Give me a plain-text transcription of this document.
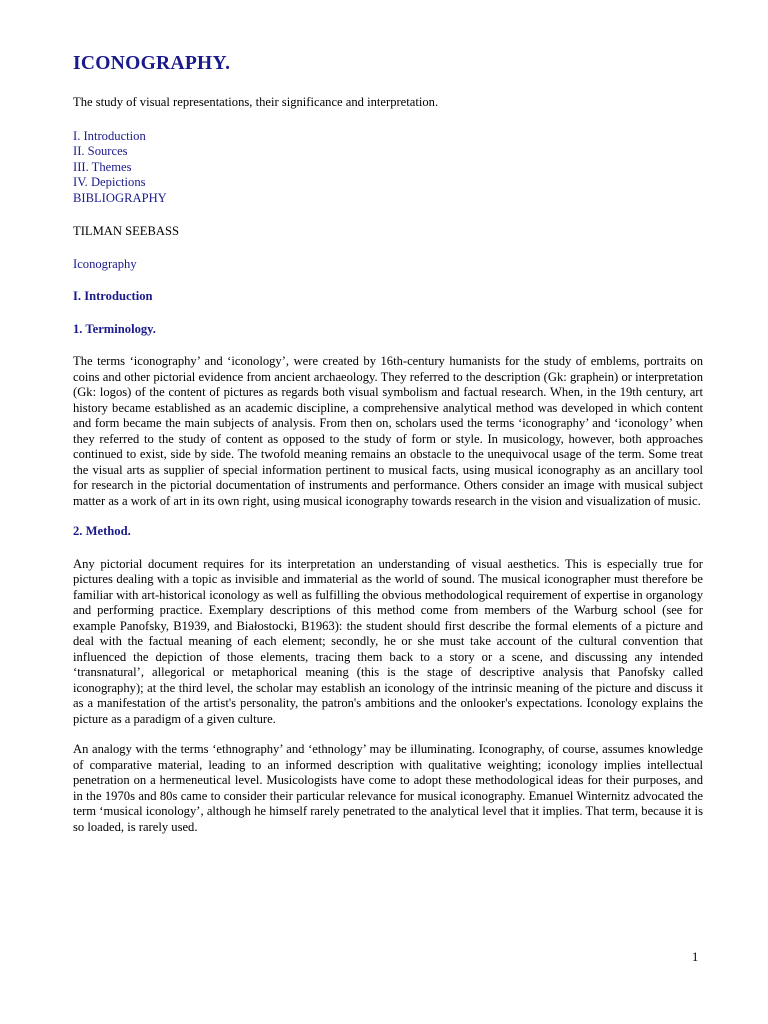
ICONOGRAPHY.

The study of visual representations, their significance and interpretation.

I. Introduction
II. Sources
III. Themes
IV. Depictions
BIBLIOGRAPHY

TILMAN SEEBASS

Iconography

I. Introduction

1. Terminology.

The terms ‘iconography’ and ‘iconology’, were created by 16th-century humanists for the study of emblems, portraits on coins and other pictorial evidence from ancient archaeology. They referred to the description (Gk: graphein) or interpretation (Gk: logos) of the content of pictures as regards both visual symbolism and factual research. When, in the 19th century, art history became established as an academic discipline, a comprehensive analytical method was developed in which content and form became the main subjects of analysis. From then on, scholars used the terms ‘iconography’ and ‘iconology’ when they referred to the study of content as opposed to the study of form or style. In musicology, however, both approaches continued to exist, side by side. The twofold meaning remains an obstacle to the unequivocal usage of the term. Some treat the visual arts as supplier of special information pertinent to musical facts, using musical iconography as an ancillary tool for research in the pictorial documentation of instruments and performance. Others consider an image with musical subject matter as a work of art in its own right, using musical iconography towards research in the vision and visualization of music.

2. Method.

Any pictorial document requires for its interpretation an understanding of visual aesthetics. This is especially true for pictures dealing with a topic as invisible and immaterial as the world of sound. The musical iconographer must therefore be familiar with art-historical iconology as well as fulfilling the obvious methodological requirement of expertise in organology and performing practice. Exemplary descriptions of this method come from members of the Warburg school (see for example Panofsky, B1939, and Białostocki, B1963): the student should first describe the formal elements of a picture and deal with the factual meaning of each element; secondly, he or she must take account of the cultural convention that influenced the depiction of those elements, tracing them back to a story or a scene, and discussing any intended ‘transnatural’, allegorical or metaphorical meaning (this is the stage of descriptive analysis that Panofsky called iconography); at the third level, the scholar may establish an iconology of the intrinsic meaning of the picture and discuss it as a manifestation of the artist's personality, the patron's ambitions and the onlooker's expectations. Iconology explains the picture as a paradigm of a given culture.

An analogy with the terms ‘ethnography’ and ‘ethnology’ may be illuminating. Iconography, of course, assumes knowledge of comparative material, leading to an informed description with qualitative weighting; iconology implies intellectual penetration on a hermeneutical level. Musicologists have come to adopt these methodological ideas for their purposes, and in the 1970s and 80s came to consider their particular relevance for musical iconography. Emanuel Winternitz advocated the term ‘musical iconology’, although he himself rarely penetrated to the analytical level that it implies. That term, because it is so loaded, is rarely used.

1
